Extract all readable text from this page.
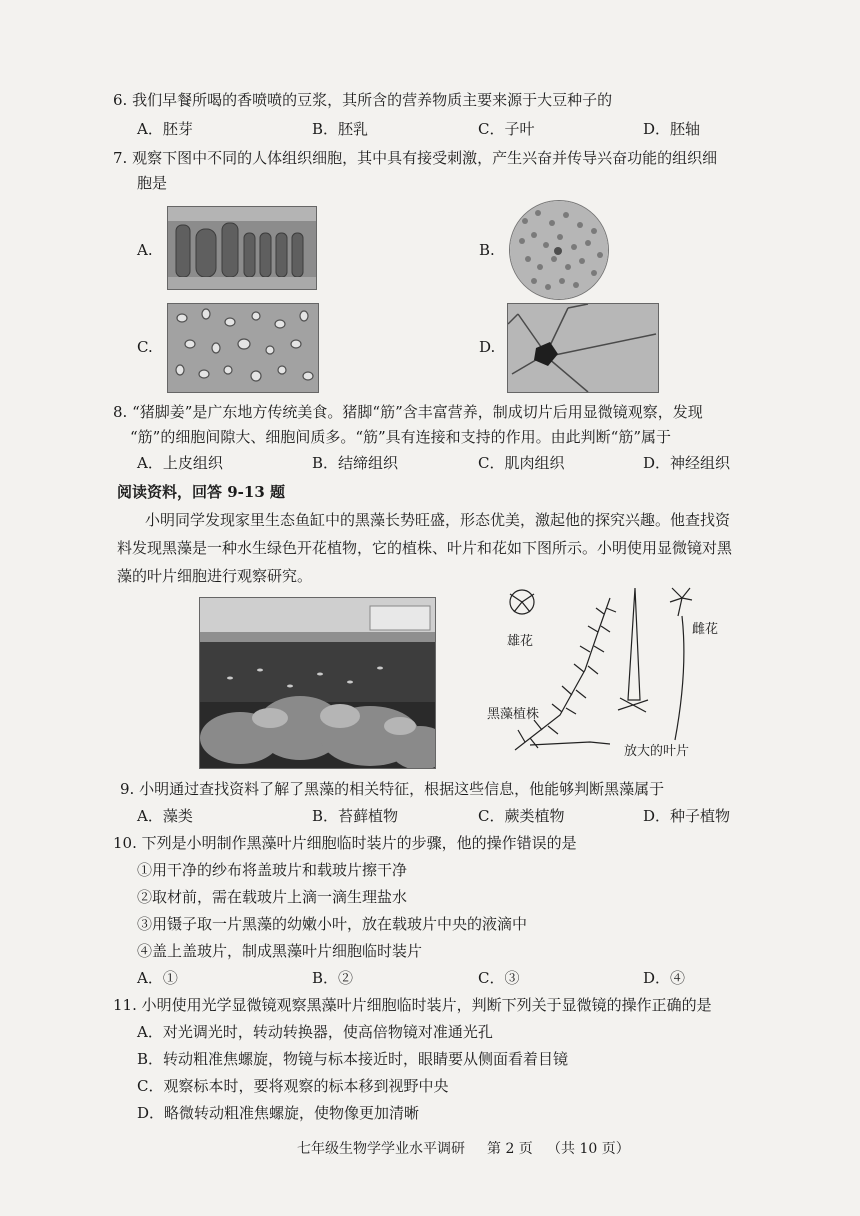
6. 我们早餐所喝的香喷喷的豆浆，其所含的营养物质主要来源于大豆种子的
A．胚芽	B．胚乳	C．子叶	D．胚轴
7. 观察下图中不同的人体组织细胞，其中具有接受刺激，产生兴奋并传导兴奋功能的组织细
胞是
A.	B.
C.	D.
8. “猪脚姜”是广东地方传统美食。猪脚“筋”含丰富营养，制成切片后用显微镜观察，发现
“筋”的细胞间隙大、细胞间质多。“筋”具有连接和支持的作用。由此判断“筋”属于
A．上皮组织	B．结缔组织	C．肌肉组织	D．神经组织
阅读资料，回答 9-13 题
小明同学发现家里生态鱼缸中的黑藻长势旺盛，形态优美，激起他的探究兴趣。他查找资
料发现黑藻是一种水生绿色开花植物，它的植株、叶片和花如下图所示。小明使用显微镜对黑
藻的叶片细胞进行观察研究。
雄花
雌花
黑藻植株
放大的叶片
9. 小明通过查找资料了解了黑藻的相关特征，根据这些信息，他能够判断黑藻属于
A．藻类	B．苔藓植物	C．蕨类植物	D．种子植物
10. 下列是小明制作黑藻叶片细胞临时装片的步骤，他的操作错误的是
①用干净的纱布将盖玻片和载玻片擦干净
②取材前，需在载玻片上滴一滴生理盐水
③用镊子取一片黑藻的幼嫩小叶，放在载玻片中央的液滴中
④盖上盖玻片，制成黑藻叶片细胞临时装片
A．①	B．②	C．③	D．④
11. 小明使用光学显微镜观察黑藻叶片细胞临时装片，判断下列关于显微镜的操作正确的是
A．对光调光时，转动转换器，使高倍物镜对准通光孔
B．转动粗准焦螺旋，物镜与标本接近时，眼睛要从侧面看着目镜
C．观察标本时，要将观察的标本移到视野中央
D．略微转动粗准焦螺旋，使物像更加清晰
七年级生物学学业水平调研 第 2 页 （共 10 页）
